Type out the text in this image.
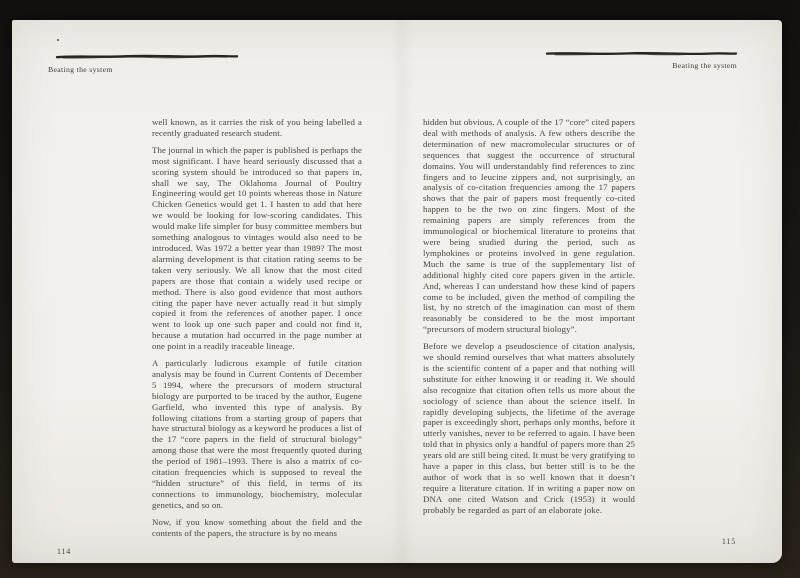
Beating the system

well known, as it carries the risk of you being labelled a recently graduated research student.

The journal in which the paper is published is perhaps the most significant. I have heard seriously discussed that a scoring system should be introduced so that papers in, shall we say, The Oklahoma Journal of Poultry Engineering would get 10 points whereas those in Nature Chicken Genetics would get 1. I hasten to add that here we would be looking for low-scoring candidates. This would make life simpler for busy committee members but something analogous to vintages would also need to be introduced. Was 1972 a better year than 1989? The most alarming development is that citation rating seems to be taken very seriously. We all know that the most cited papers are those that contain a widely used recipe or method. There is also good evidence that most authors citing the paper have never actually read it but simply copied it from the references of another paper. I once went to look up one such paper and could not find it, because a mutation had occurred in the page number at one point in a readily traceable lineage.

A particularly ludicrous example of futile citation analysis may be found in Current Contents of December 5 1994, where the precursors of modern structural biology are purported to be traced by the author, Eugene Garfield, who invented this type of analysis. By following citations from a starting group of papers that have structural biology as a keyword he produces a list of the 17 “core papers in the field of structural biology” among those that were the most frequently quoted during the period of 1981–1993. There is also a matrix of co-citation frequencies which is supposed to reveal the “hidden structure” of this field, in terms of its connections to immunology, biochemistry, molecular genetics, and so on.

Now, if you know something about the field and the contents of the papers, the structure is by no means

114
Beating the system

hidden but obvious. A couple of the 17 “core” cited papers deal with methods of analysis. A few others describe the determination of new macromolecular structures or of sequences that suggest the occurrence of structural domains. You will understandably find references to zinc fingers and to leucine zippers and, not surprisingly, an analysis of co-citation frequencies among the 17 papers shows that the pair of papers most frequently co-cited happen to be the two on zinc fingers. Most of the remaining papers are simply references from the immunological or biochemical literature to proteins that were being studied during the period, such as lymphokines or proteins involved in gene regulation. Much the same is true of the supplementary list of additional highly cited core papers given in the article. And, whereas I can understand how these kind of papers come to be included, given the method of compiling the list, by no stretch of the imagination can most of them reasonably be considered to be the most important “precursors of modern structural biology”.

Before we develop a pseudoscience of citation analysis, we should remind ourselves that what matters absolutely is the scientific content of a paper and that nothing will substitute for either knowing it or reading it. We should also recognize that citation often tells us more about the sociology of science than about the science itself. In rapidly developing subjects, the lifetime of the average paper is exceedingly short, perhaps only months, before it utterly vanishes, never to be referred to again. I have been told that in physics only a handful of papers more than 25 years old are still being cited. It must be very gratifying to have a paper in this class, but better still is to be the author of work that is so well known that it doesn’t require a literature citation. If in writing a paper now on DNA one cited Watson and Crick (1953) it would probably be regarded as part of an elaborate joke.

115
